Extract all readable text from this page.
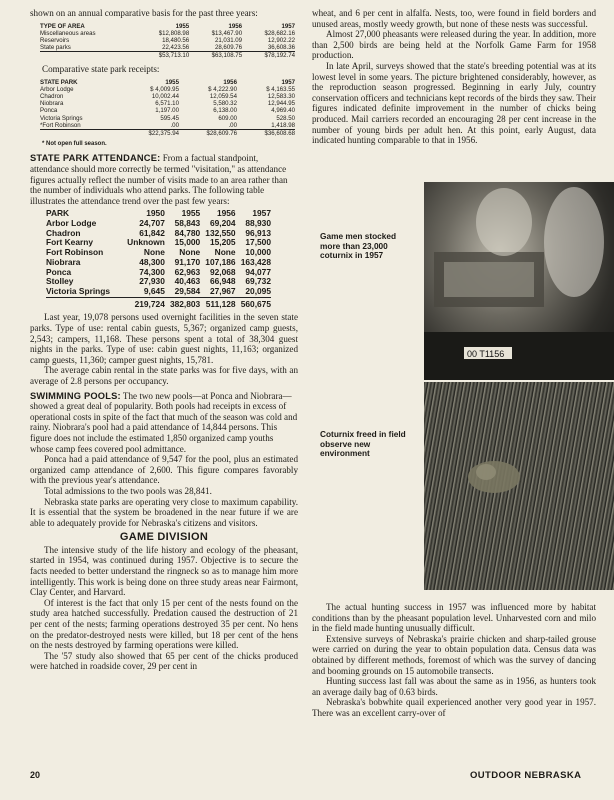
shown on an annual comparative basis for the past three years:

TYPE OF AREA	1955	1956	1957
Miscellaneous areas	$12,808.98	$13,467.90	$28,682.16
Reservoirs	18,480.56	21,031.09	12,902.22
State parks	22,423.56	28,609.76	36,608.36
	$53,713.10	$63,108.75	$78,192.74
Comparative state park receipts:
STATE PARK	1955	1956	1957
Arbor Lodge	$ 4,009.95	$ 4,222.90	$ 4,163.55
Chadron	10,002.44	12,059.54	12,583.30
Niobrara	6,571.10	5,580.32	12,944.95
Ponca	1,197.00	6,138.00	4,969.40
Victoria Springs	595.45	609.00	528.50
*Fort Robinson	.00	.00	1,418.98
	$22,375.94	$28,609.76	$36,608.68
* Not open full season.

STATE PARK ATTENDANCE: From a factual standpoint, attendance should more correctly be termed "visitation," as attendance figures actually reflect the number of visits made to an area rather than the number of individuals who attend parks. The following table illustrates the attendance trend over the past few years:

PARK	1950	1955	1956	1957
Arbor Lodge	24,707	58,843	69,204	88,930
Chadron	61,842	84,780	132,550	96,913
Fort Kearny	Unknown	15,000	15,205	17,500
Fort Robinson	None	None	None	10,000
Niobrara	48,300	91,170	107,186	163,428
Ponca	74,300	62,963	92,068	94,077
Stolley	27,930	40,463	66,948	69,732
Victoria Springs	9,645	29,584	27,967	20,095
	219,724	382,803	511,128	560,675

Last year, 19,078 persons used overnight facilities in the seven state parks. Type of use: rental cabin guests, 5,367; organized camp guests, 2,543; campers, 11,168. These persons spent a total of 38,304 guest nights in the parks. Type of use: cabin guest nights, 11,163; organized camp guests, 11,360; camper guest nights, 15,781.

The average cabin rental in the state parks was for five days, with an average of 2.8 persons per occupancy.

SWIMMING POOLS: The two new pools—at Ponca and Niobrara—showed a great deal of popularity. Both pools had receipts in excess of operational costs in spite of the fact that much of the season was cold and rainy. Niobrara's pool had a paid attendance of 14,844 persons. This figure does not include the estimated 1,850 organized camp youths whose camp fees covered pool admittance.

Ponca had a paid attendance of 9,547 for the pool, plus an estimated organized camp attendance of 2,600. This figure compares favorably with the previous year's attendance.

Total admissions to the two pools was 28,841.

Nebraska state parks are operating very close to maximum capability. It is essential that the system be broadened in the near future if we are able to adequately provide for Nebraska's citizens and visitors.

GAME DIVISION

The intensive study of the life history and ecology of the pheasant, started in 1954, was continued during 1957. Objective is to secure the facts needed to better understand the ringneck so as to manage him more intelligently. This work is being done on three study areas near Fairmont, Clay Center, and Harvard.

Of interest is the fact that only 15 per cent of the nests found on the study area hatched successfully. Predation caused the destruction of 21 per cent of the nests; farming operations destroyed 35 per cent. No hens on the predator-destroyed nests were killed, but 18 per cent of the hens on the nests destroyed by farming operations were killed.

The '57 study also showed that 65 per cent of the chicks produced were hatched in roadside cover, 29 per cent in

wheat, and 6 per cent in alfalfa. Nests, too, were found in field borders and unused areas, mostly weedy growth, but none of these nests was successful.

Almost 27,000 pheasants were released during the year. In addition, more than 2,500 birds are being held at the Norfolk Game Farm for 1958 production.

In late April, surveys showed that the state's breeding potential was at its lowest level in some years. The picture brightened considerably, however, as the reproduction season progressed. Beginning in early July, country conservation officers and technicians kept records of the birds they saw. Their figures indicated definite improvement in the number of chicks being produced. Mail carriers recorded an encouraging 28 per cent increase in the number of young birds per adult hen. At this point, early August, data indicated hunting comparable to that in 1956.

00 T1156
Game men stocked more than 23,000 coturnix in 1957
Coturnix freed in field observe new environment

The actual hunting success in 1957 was influenced more by habitat conditions than by the pheasant population level. Unharvested corn and milo in the field made hunting unusually difficult.

Extensive surveys of Nebraska's prairie chicken and sharp-tailed grouse were carried on during the year to obtain population data. Census data was obtained by different methods, foremost of which was the survey of dancing and booming grounds on 15 automobile transects.

Hunting success last fall was about the same as in 1956, as hunters took an average daily bag of 0.63 birds.

Nebraska's bobwhite quail experienced another very good year in 1957. There was an excellent carry-over of

20	OUTDOOR NEBRASKA
